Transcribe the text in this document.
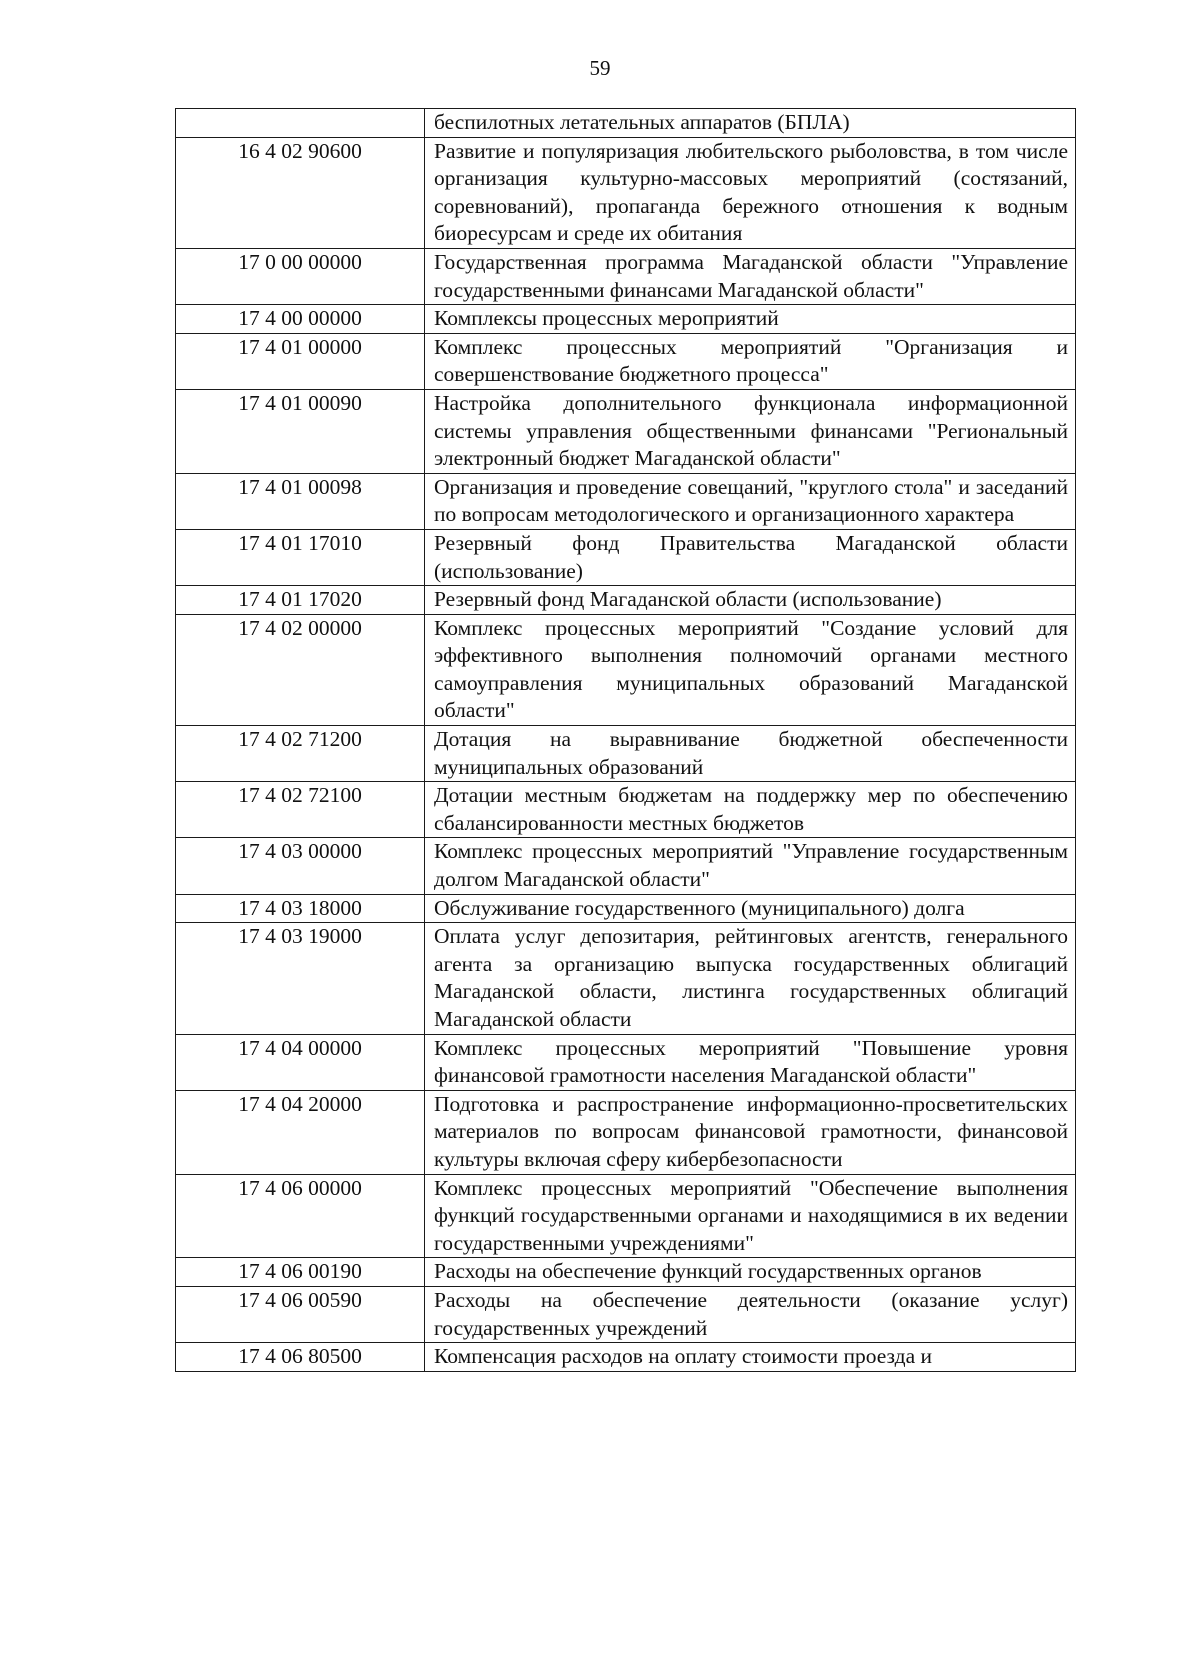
59
	беспилотных летательных аппаратов (БПЛА)
16 4 02 90600	Развитие и популяризация любительского рыболовства, в том числе организация культурно-массовых мероприятий (состязаний, соревнований), пропаганда бережного отношения к водным биоресурсам и среде их обитания
17 0 00 00000	Государственная программа Магаданской области "Управление государственными финансами Магаданской области"
17 4 00 00000	Комплексы процессных мероприятий
17 4 01 00000	Комплекс процессных мероприятий "Организация и совершенствование бюджетного процесса"
17 4 01 00090	Настройка дополнительного функционала информационной системы управления общественными финансами "Региональный электронный бюджет Магаданской области"
17 4 01 00098	Организация и проведение совещаний, "круглого стола" и заседаний по вопросам методологического и организационного характера
17 4 01 17010	Резервный фонд Правительства Магаданской области (использование)
17 4 01 17020	Резервный фонд Магаданской области (использование)
17 4 02 00000	Комплекс процессных мероприятий "Создание условий для эффективного выполнения полномочий органами местного самоуправления муниципальных образований Магаданской области"
17 4 02 71200	Дотация на выравнивание бюджетной обеспеченности муниципальных образований
17 4 02 72100	Дотации местным бюджетам на поддержку мер по обеспечению сбалансированности местных бюджетов
17 4 03 00000	Комплекс процессных мероприятий "Управление государственным долгом Магаданской области"
17 4 03 18000	Обслуживание государственного (муниципального) долга
17 4 03 19000	Оплата услуг депозитария, рейтинговых агентств, генерального агента за организацию выпуска государственных облигаций Магаданской области, листинга государственных облигаций Магаданской области
17 4 04 00000	Комплекс процессных мероприятий "Повышение уровня финансовой грамотности населения Магаданской области"
17 4 04 20000	Подготовка и распространение информационно-просветительских материалов по вопросам финансовой грамотности, финансовой культуры включая сферу кибербезопасности
17 4 06 00000	Комплекс процессных мероприятий "Обеспечение выполнения функций государственными органами и находящимися в их ведении государственными учреждениями"
17 4 06 00190	Расходы на обеспечение функций государственных органов
17 4 06 00590	Расходы на обеспечение деятельности (оказание услуг) государственных учреждений
17 4 06 80500	Компенсация расходов на оплату стоимости проезда и
